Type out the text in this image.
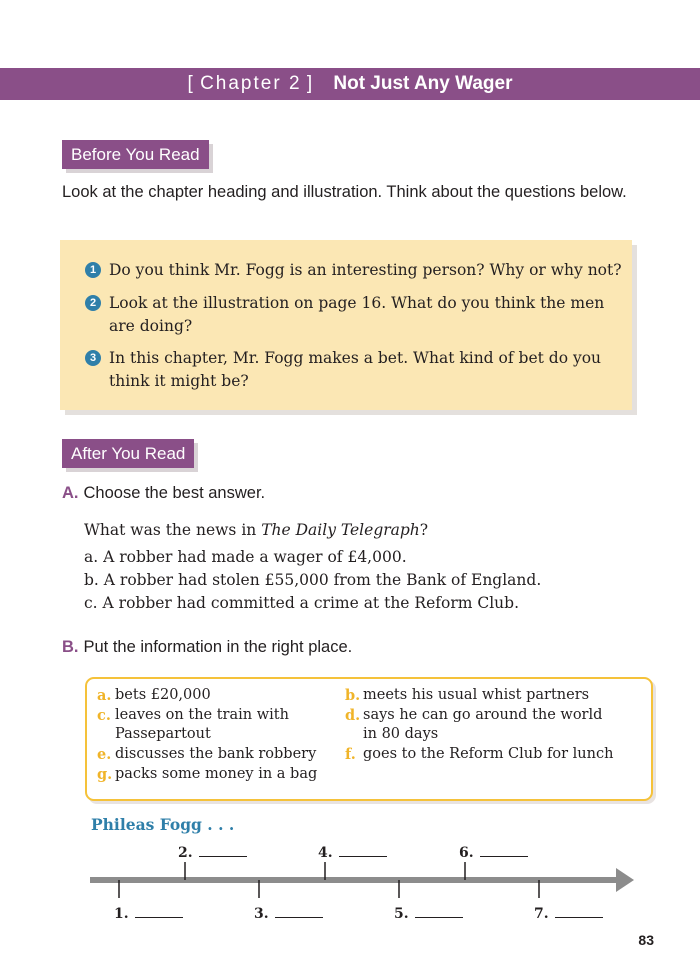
[ Chapter 2 ] Not Just Any Wager
Before You Read

Look at the chapter heading and illustration. Think about the questions below.

1 Do you think Mr. Fogg is an interesting person? Why or why not?
2 Look at the illustration on page 16. What do you think the men are doing?
3 In this chapter, Mr. Fogg makes a bet. What kind of bet do you think it might be?
After You Read
A. Choose the best answer.
What was the news in The Daily Telegraph?
a. A robber had made a wager of £4,000.
b. A robber had stolen £55,000 from the Bank of England.
c. A robber had committed a crime at the Reform Club.
B. Put the information in the right place.
a. bets £20,000	b. meets his usual whist partners
c. leaves on the train with Passepartout
d. says he can go around the world in 80 days
e. discusses the bank robbery	f. goes to the Reform Club for lunch
g. packs some money in a bag
Phileas Fogg . . .
2.	4.	6.
1.	3.	5.	7.
83
